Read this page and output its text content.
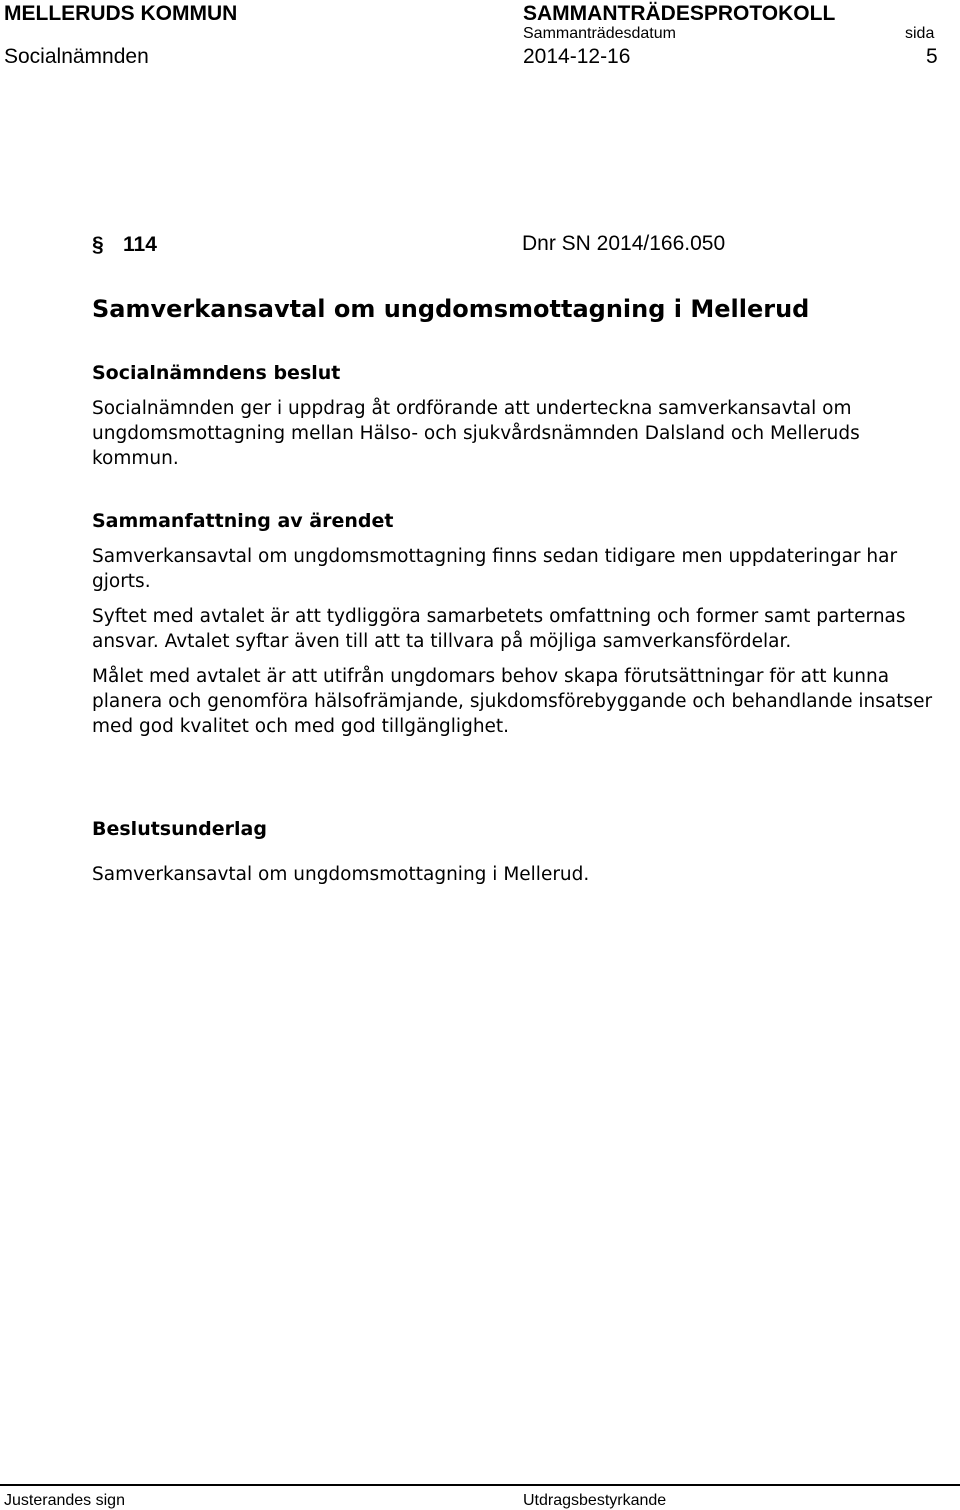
MELLERUDS KOMMUN	SAMMANTRÄDESPROTOKOLL
Sammanträdesdatum	sida
Socialnämnden	2014-12-16	5
§ 114	Dnr SN 2014/166.050
Samverkansavtal om ungdomsmottagning i Mellerud
Socialnämndens beslut

Socialnämnden ger i uppdrag åt ordförande att underteckna samverkansavtal om ungdomsmottagning mellan Hälso- och sjukvårdsnämnden Dalsland och Melleruds kommun.

Sammanfattning av ärendet

Samverkansavtal om ungdomsmottagning finns sedan tidigare men uppdateringar har gjorts.

Syftet med avtalet är att tydliggöra samarbetets omfattning och former samt parternas ansvar. Avtalet syftar även till att ta tillvara på möjliga samverkansfördelar.

Målet med avtalet är att utifrån ungdomars behov skapa förutsättningar för att kunna planera och genomföra hälsofrämjande, sjukdomsförebyggande och behandlande insatser med god kvalitet och med god tillgänglighet.

Beslutsunderlag

Samverkansavtal om ungdomsmottagning i Mellerud.

Justerandes sign	Utdragsbestyrkande
